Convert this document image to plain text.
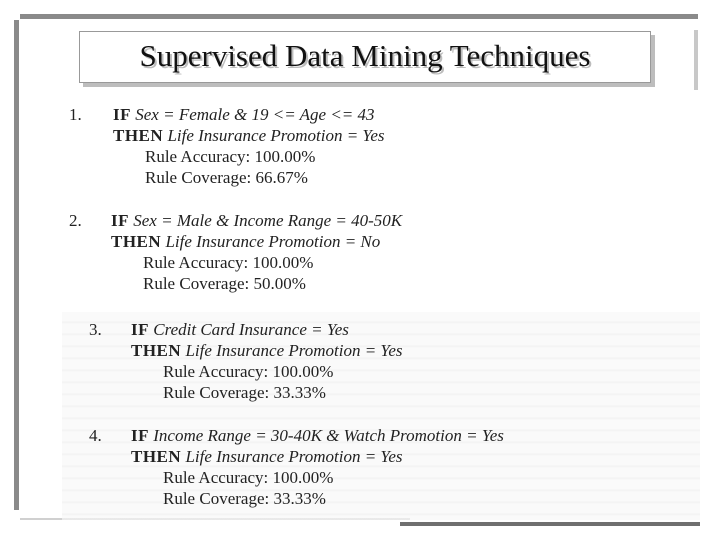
Supervised Data Mining Techniques
1. IF Sex = Female & 19 <= Age <= 43
THEN Life Insurance Promotion = Yes
Rule Accuracy: 100.00%
Rule Coverage: 66.67%
2. IF Sex = Male & Income Range = 40-50K
THEN Life Insurance Promotion = No
Rule Accuracy: 100.00%
Rule Coverage: 50.00%
3. IF Credit Card Insurance = Yes
THEN Life Insurance Promotion = Yes
Rule Accuracy: 100.00%
Rule Coverage: 33.33%
4. IF Income Range = 30-40K & Watch Promotion = Yes
THEN Life Insurance Promotion = Yes
Rule Accuracy: 100.00%
Rule Coverage: 33.33%
